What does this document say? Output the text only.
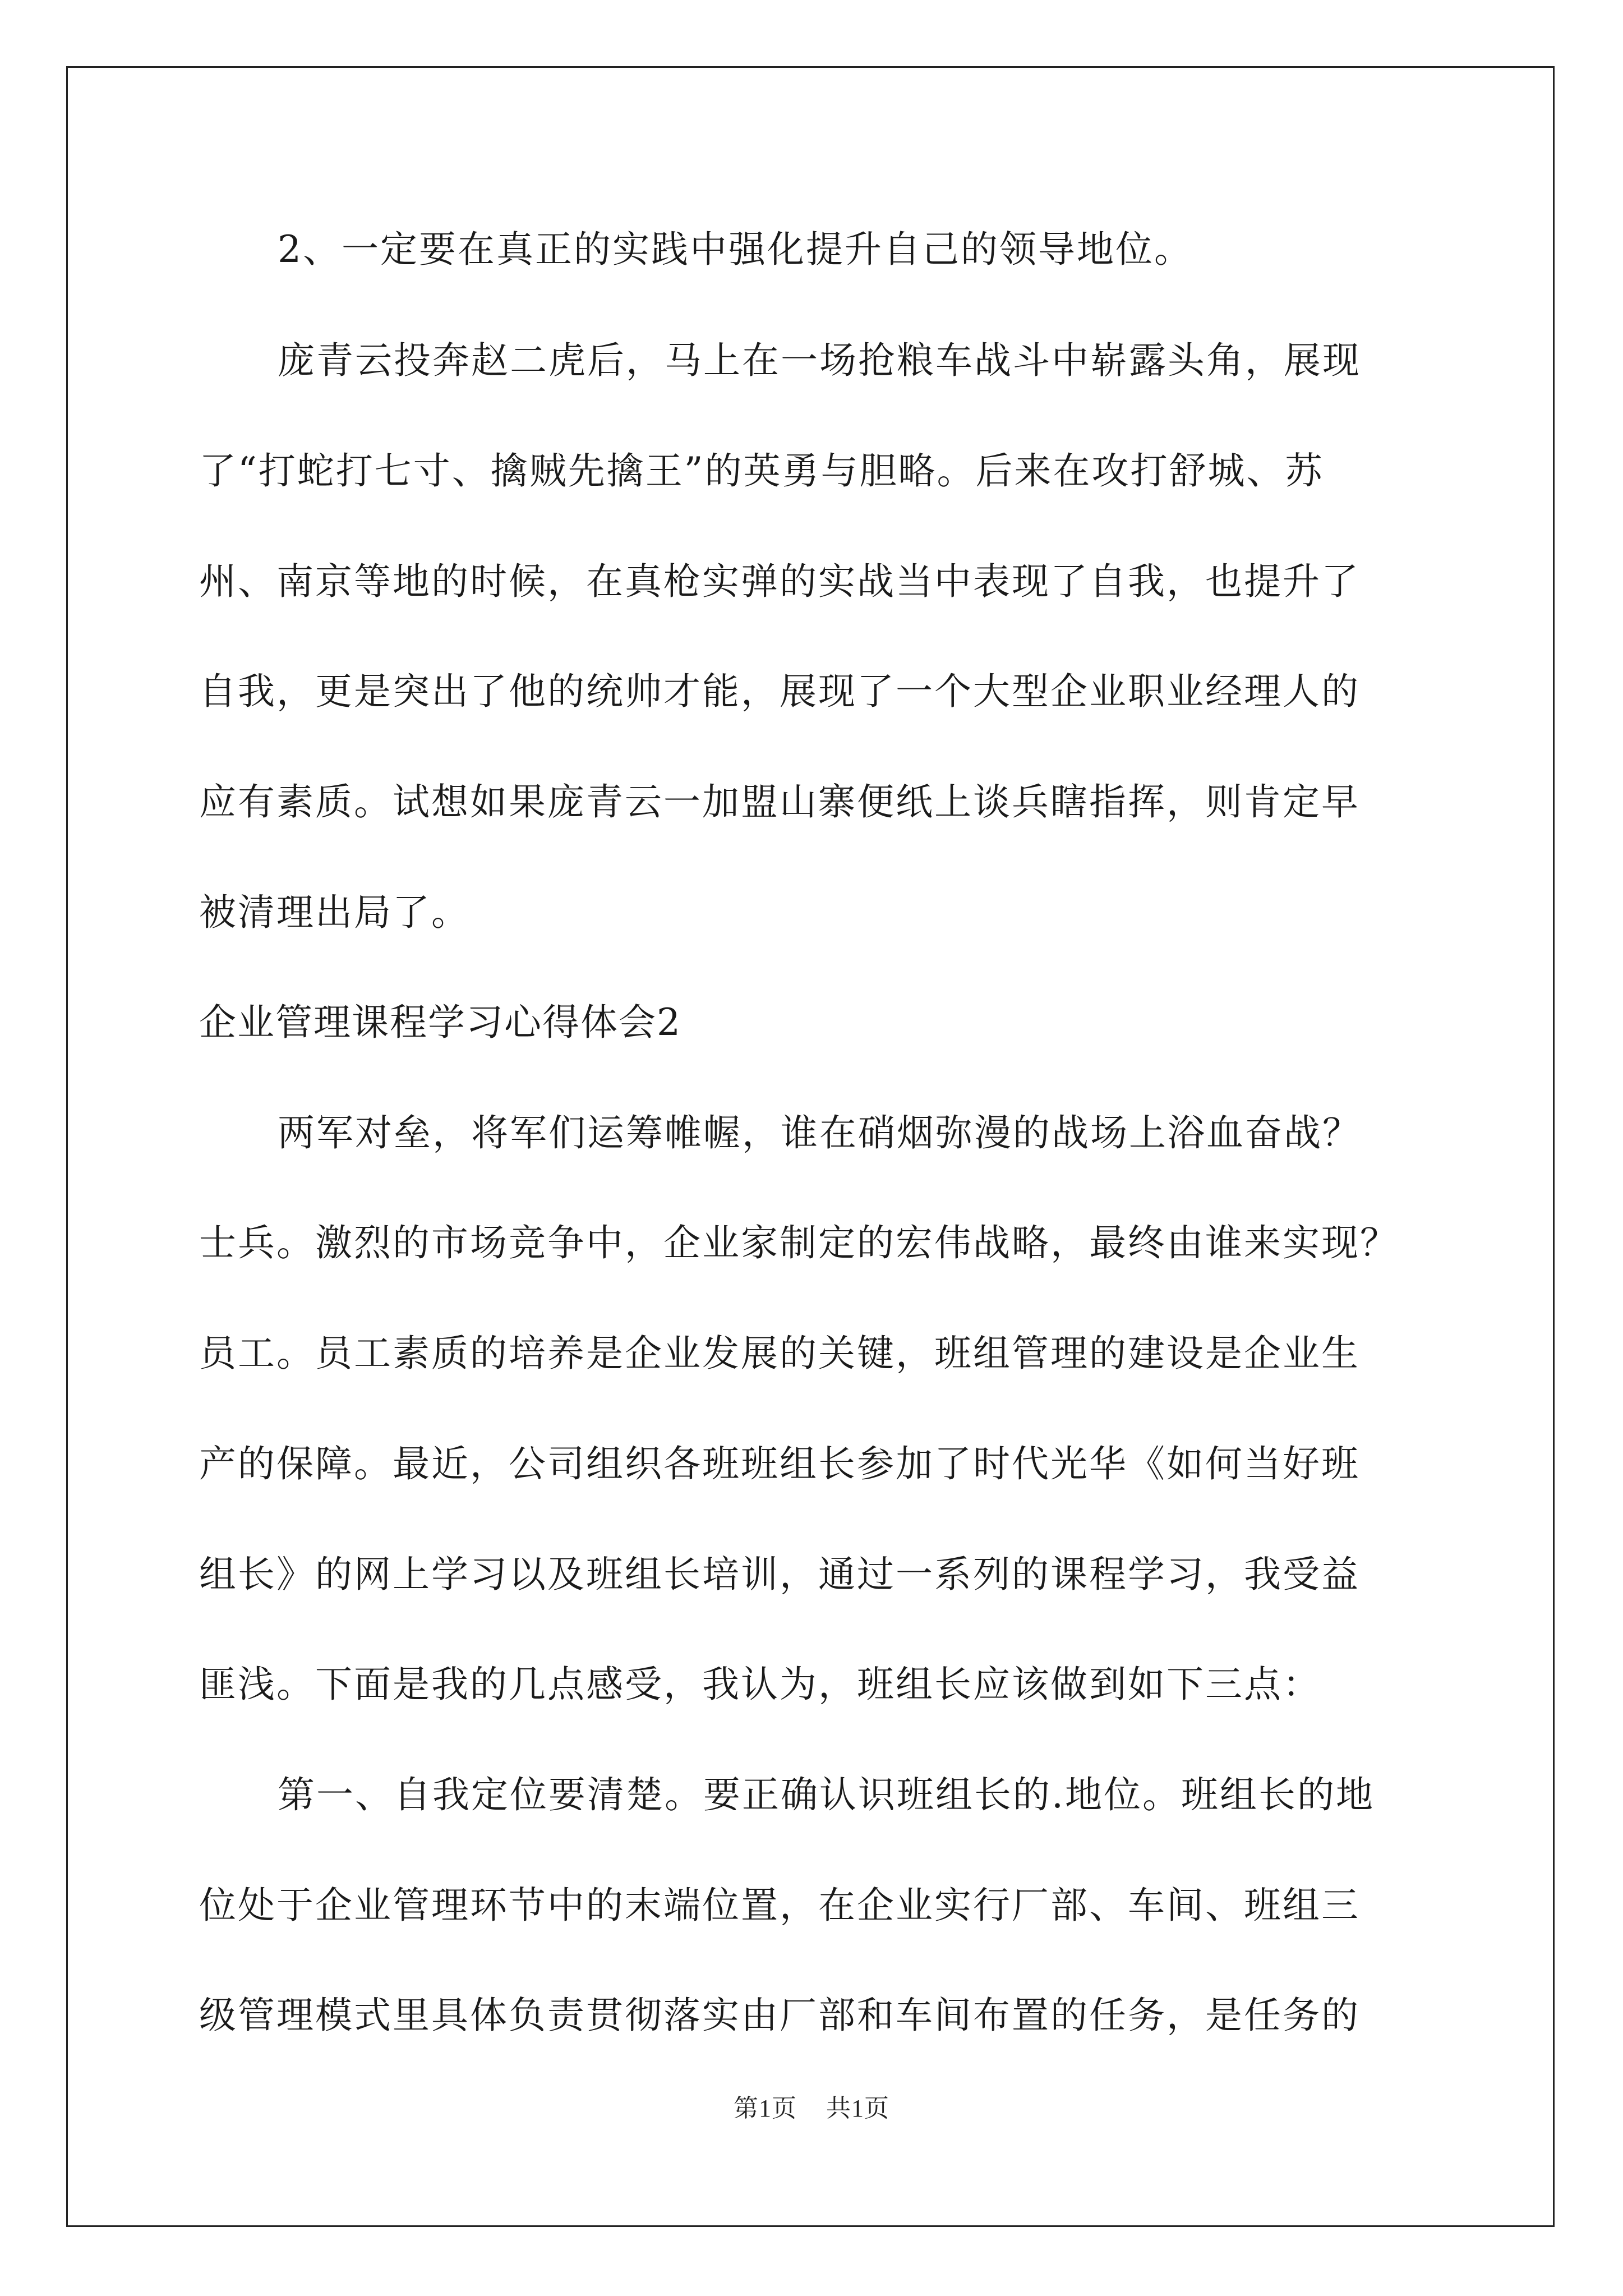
2、一定要在真正的实践中强化提升自己的领导地位。
庞青云投奔赵二虎后，马上在一场抢粮车战斗中崭露头角，展现
了“打蛇打七寸、擒贼先擒王”的英勇与胆略。后来在攻打舒城、苏
州、南京等地的时候，在真枪实弹的实战当中表现了自我，也提升了
自我，更是突出了他的统帅才能，展现了一个大型企业职业经理人的
应有素质。试想如果庞青云一加盟山寨便纸上谈兵瞎指挥，则肯定早
被清理出局了。
企业管理课程学习心得体会2
两军对垒，将军们运筹帷幄，谁在硝烟弥漫的战场上浴血奋战？
士兵。激烈的市场竞争中，企业家制定的宏伟战略，最终由谁来实现？
员工。员工素质的培养是企业发展的关键，班组管理的建设是企业生
产的保障。最近，公司组织各班班组长参加了时代光华《如何当好班
组长》的网上学习以及班组长培训，通过一系列的课程学习，我受益
匪浅。下面是我的几点感受，我认为，班组长应该做到如下三点：
第一、自我定位要清楚。要正确认识班组长的.地位。班组长的地
位处于企业管理环节中的末端位置，在企业实行厂部、车间、班组三
级管理模式里具体负责贯彻落实由厂部和车间布置的任务，是任务的
第1页 共1页
